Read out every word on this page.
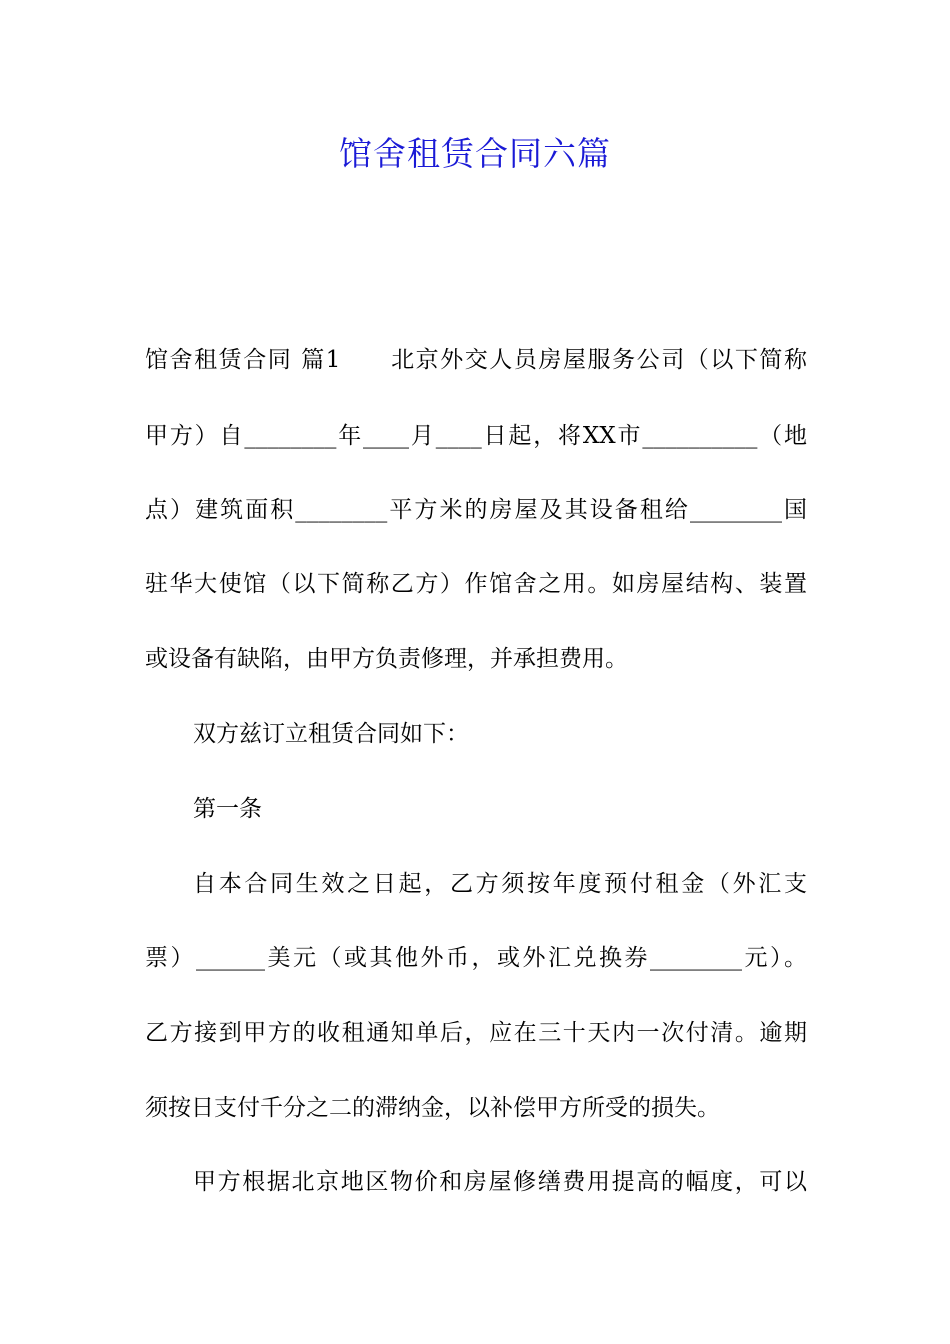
馆舍租赁合同六篇

馆舍租赁合同 篇1　　北京外交人员房屋服务公司（以下简称

甲方）自________年____月____日起，将XX市__________（地

点）建筑面积________平方米的房屋及其设备租给________国

驻华大使馆（以下简称乙方）作馆舍之用。如房屋结构、装置

或设备有缺陷，由甲方负责修理，并承担费用。

双方兹订立租赁合同如下：

第一条

自本合同生效之日起，乙方须按年度预付租金（外汇支

票）______美元（或其他外币，或外汇兑换券________元）。

乙方接到甲方的收租通知单后，应在三十天内一次付清。逾期

须按日支付千分之二的滞纳金，以补偿甲方所受的损失。

甲方根据北京地区物价和房屋修缮费用提高的幅度，可以
